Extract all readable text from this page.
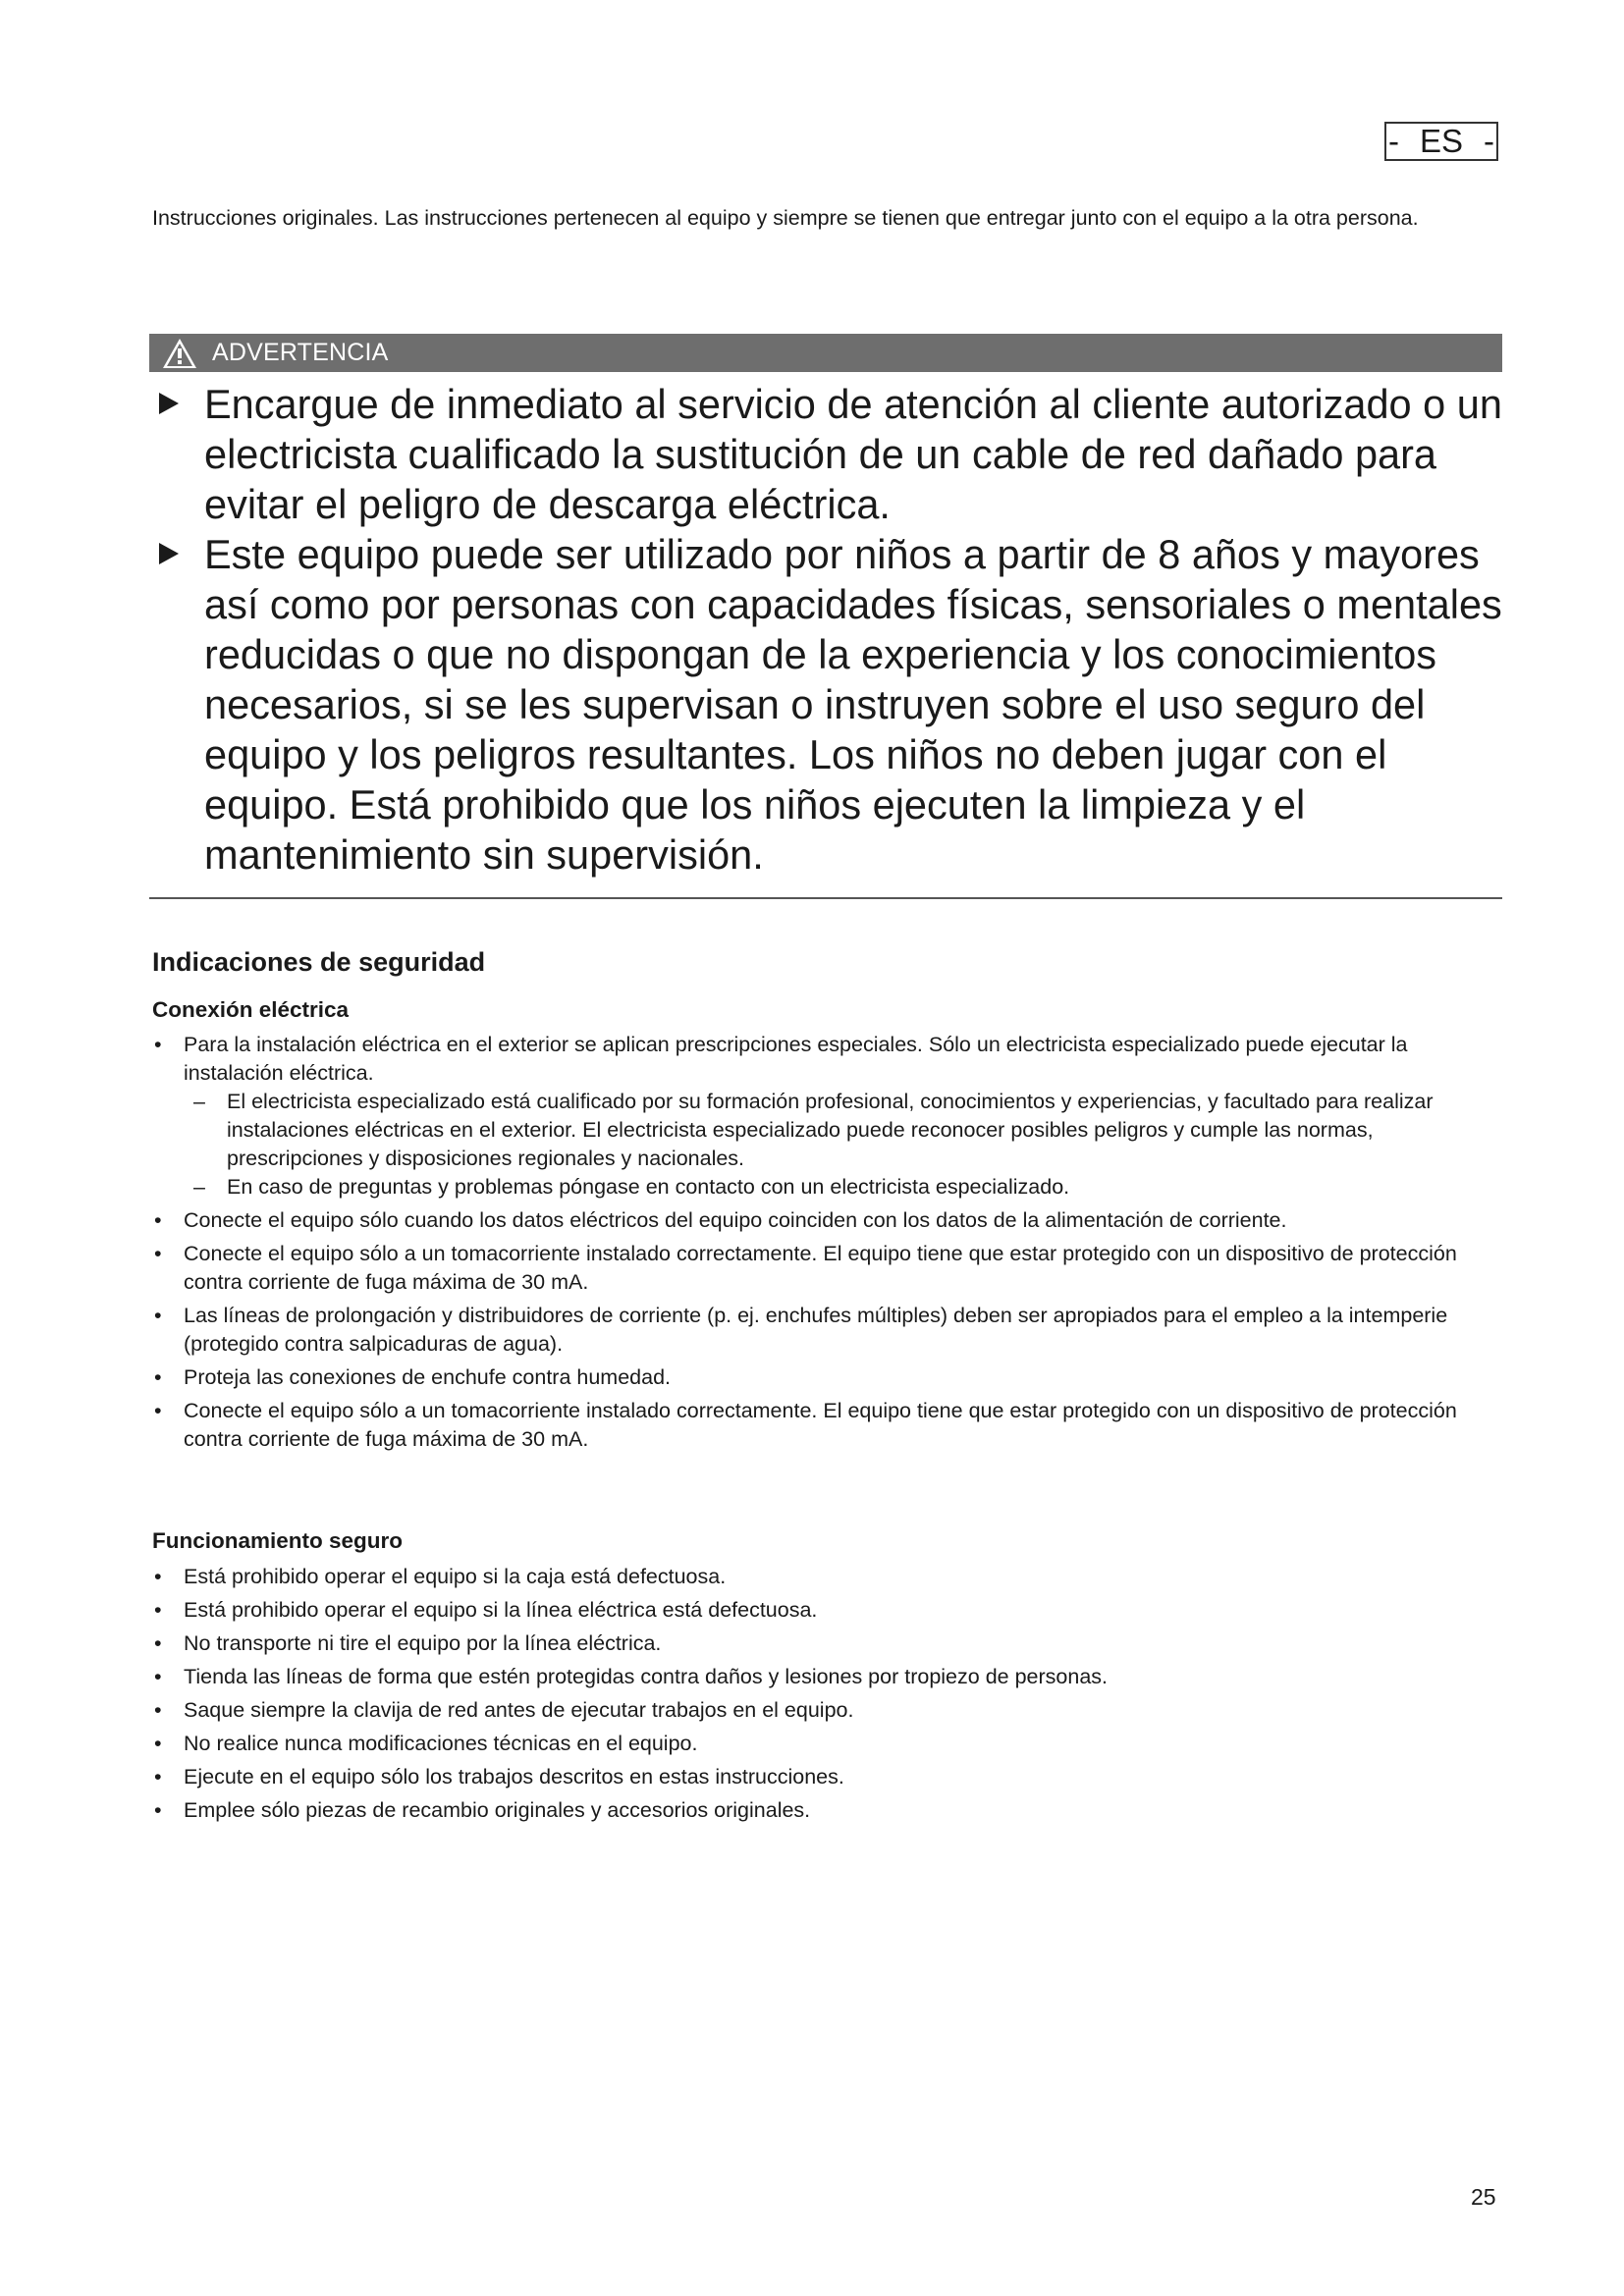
- ES -
Instrucciones originales. Las instrucciones pertenecen al equipo y siempre se tienen que entregar junto con el equipo a la otra persona.
ADVERTENCIA
Encargue de inmediato al servicio de atención al cliente autorizado o un electricista cualificado la sustitución de un cable de red dañado para evitar el peligro de descarga eléctrica.
Este equipo puede ser utilizado por niños a partir de 8 años y mayores así como por personas con capacidades físicas, sensoriales o mentales reducidas o que no dispongan de la experiencia y los conocimientos necesarios, si se les supervisan o instruyen sobre el uso seguro del equipo y los peligros resultantes. Los niños no deben jugar con el equipo. Está prohibido que los niños ejecuten la limpieza y el mantenimiento sin supervisión.
Indicaciones de seguridad
Conexión eléctrica
• Para la instalación eléctrica en el exterior se aplican prescripciones especiales. Sólo un electricista especializado puede ejecutar la instalación eléctrica.
– El electricista especializado está cualificado por su formación profesional, conocimientos y experiencias, y facultado para realizar instalaciones eléctricas en el exterior. El electricista especializado puede reconocer posibles peligros y cumple las normas, prescripciones y disposiciones regionales y nacionales.
– En caso de preguntas y problemas póngase en contacto con un electricista especializado.
• Conecte el equipo sólo cuando los datos eléctricos del equipo coinciden con los datos de la alimentación de corriente.
• Conecte el equipo sólo a un tomacorriente instalado correctamente. El equipo tiene que estar protegido con un dispositivo de protección contra corriente de fuga máxima de 30 mA.
• Las líneas de prolongación y distribuidores de corriente (p. ej. enchufes múltiples) deben ser apropiados para el empleo a la intemperie (protegido contra salpicaduras de agua).
• Proteja las conexiones de enchufe contra humedad.
• Conecte el equipo sólo a un tomacorriente instalado correctamente. El equipo tiene que estar protegido con un dispositivo de protección contra corriente de fuga máxima de 30 mA.
Funcionamiento seguro
• Está prohibido operar el equipo si la caja está defectuosa.
• Está prohibido operar el equipo si la línea eléctrica está defectuosa.
• No transporte ni tire el equipo por la línea eléctrica.
• Tienda las líneas de forma que estén protegidas contra daños y lesiones por tropiezo de personas.
• Saque siempre la clavija de red antes de ejecutar trabajos en el equipo.
• No realice nunca modificaciones técnicas en el equipo.
• Ejecute en el equipo sólo los trabajos descritos en estas instrucciones.
• Emplee sólo piezas de recambio originales y accesorios originales.
25
